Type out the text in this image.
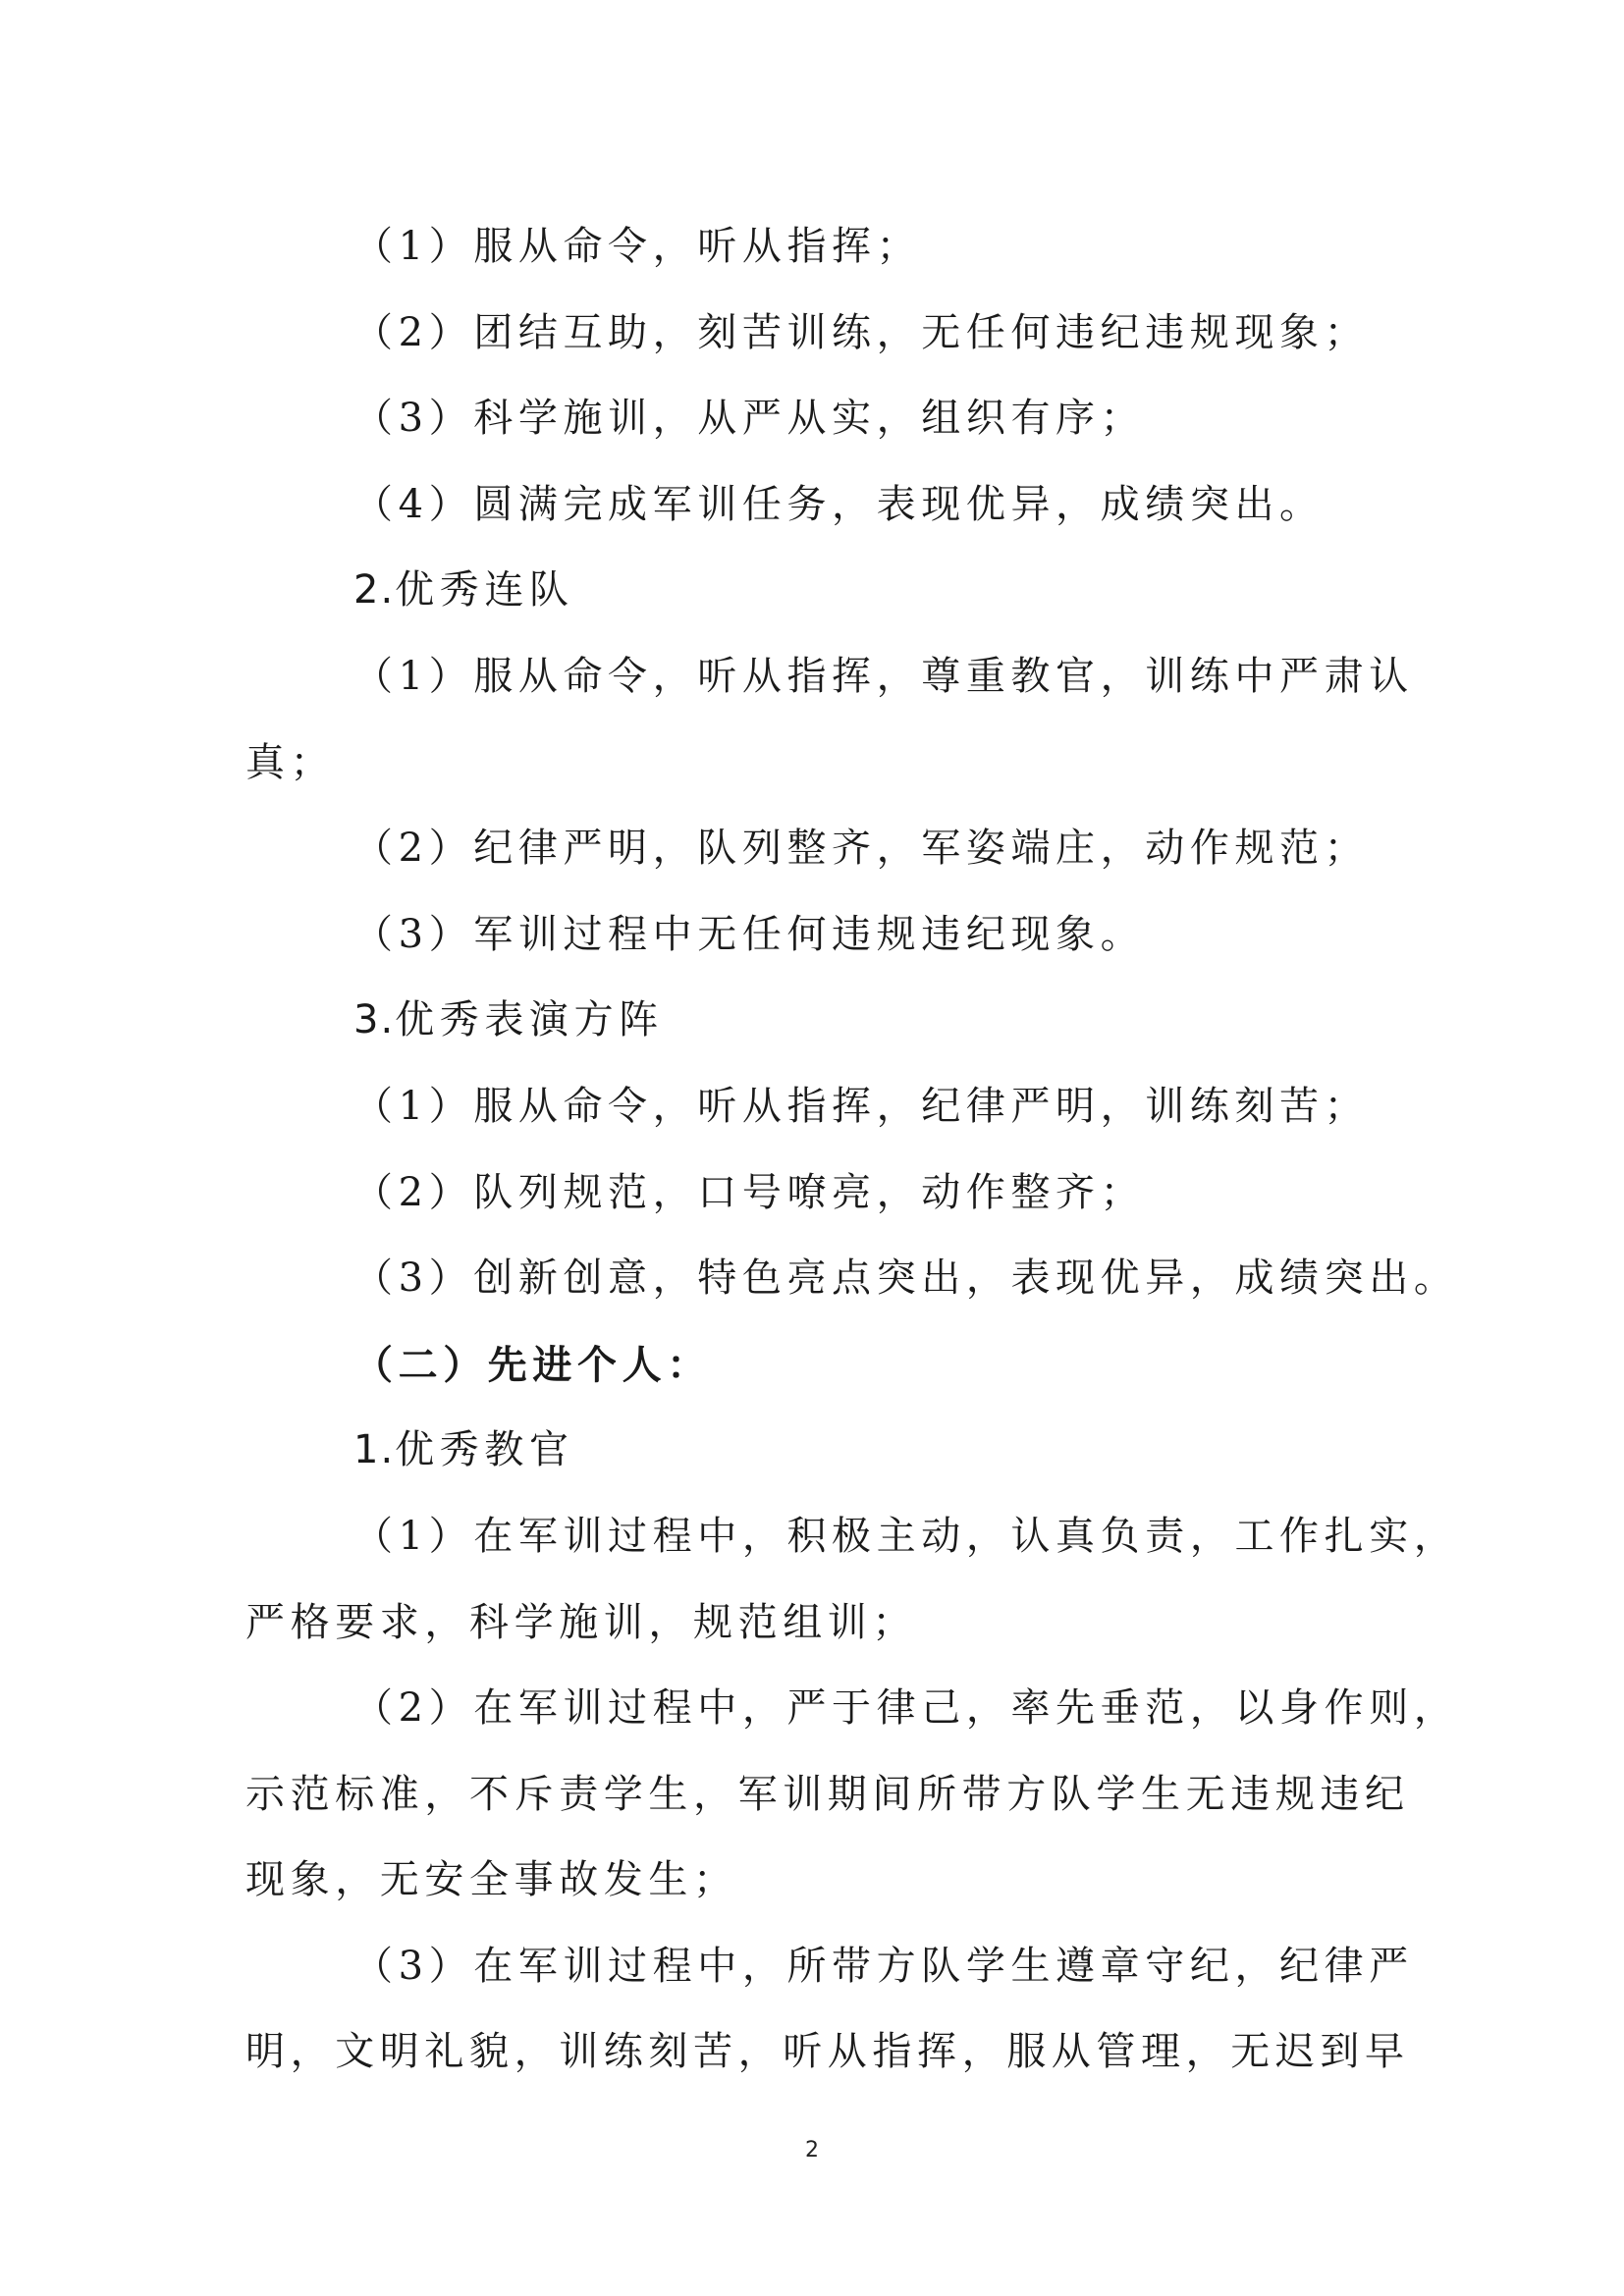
（1）服从命令，听从指挥；
（2）团结互助，刻苦训练，无任何违纪违规现象；
（3）科学施训，从严从实，组织有序；
（4）圆满完成军训任务，表现优异，成绩突出。
2.优秀连队
（1）服从命令，听从指挥，尊重教官，训练中严肃认
真；
（2）纪律严明，队列整齐，军姿端庄，动作规范；
（3）军训过程中无任何违规违纪现象。
3.优秀表演方阵
（1）服从命令，听从指挥，纪律严明，训练刻苦；
（2）队列规范，口号嘹亮，动作整齐；
（3）创新创意，特色亮点突出，表现优异，成绩突出。
（二）先进个人：
1.优秀教官
（1）在军训过程中，积极主动，认真负责，工作扎实，
严格要求，科学施训，规范组训；
（2）在军训过程中，严于律己，率先垂范，以身作则，
示范标准，不斥责学生，军训期间所带方队学生无违规违纪
现象，无安全事故发生；
（3）在军训过程中，所带方队学生遵章守纪，纪律严
明，文明礼貌，训练刻苦，听从指挥，服从管理，无迟到早
2
